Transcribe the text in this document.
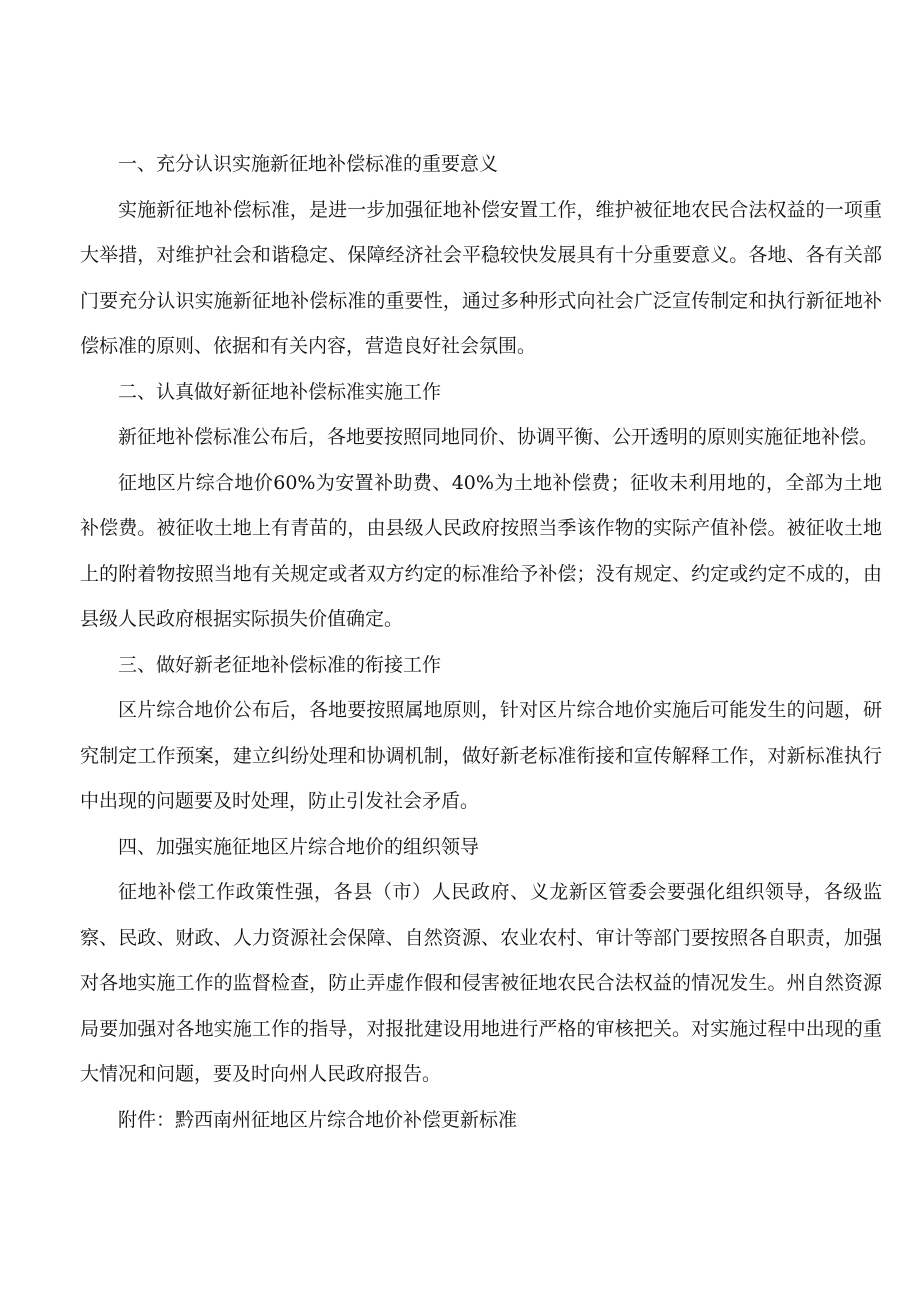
一、充分认识实施新征地补偿标准的重要意义

实施新征地补偿标准，是进一步加强征地补偿安置工作，维护被征地农民合法权益的一项重大举措，对维护社会和谐稳定、保障经济社会平稳较快发展具有十分重要意义。各地、各有关部门要充分认识实施新征地补偿标准的重要性，通过多种形式向社会广泛宣传制定和执行新征地补偿标准的原则、依据和有关内容，营造良好社会氛围。

二、认真做好新征地补偿标准实施工作

新征地补偿标准公布后，各地要按照同地同价、协调平衡、公开透明的原则实施征地补偿。

征地区片综合地价60%为安置补助费、40%为土地补偿费；征收未利用地的，全部为土地补偿费。被征收土地上有青苗的，由县级人民政府按照当季该作物的实际产值补偿。被征收土地上的附着物按照当地有关规定或者双方约定的标准给予补偿；没有规定、约定或约定不成的，由县级人民政府根据实际损失价值确定。

三、做好新老征地补偿标准的衔接工作

区片综合地价公布后，各地要按照属地原则，针对区片综合地价实施后可能发生的问题，研究制定工作预案，建立纠纷处理和协调机制，做好新老标准衔接和宣传解释工作，对新标准执行中出现的问题要及时处理，防止引发社会矛盾。

四、加强实施征地区片综合地价的组织领导

征地补偿工作政策性强，各县（市）人民政府、义龙新区管委会要强化组织领导，各级监察、民政、财政、人力资源社会保障、自然资源、农业农村、审计等部门要按照各自职责，加强对各地实施工作的监督检查，防止弄虚作假和侵害被征地农民合法权益的情况发生。州自然资源局要加强对各地实施工作的指导，对报批建设用地进行严格的审核把关。对实施过程中出现的重大情况和问题，要及时向州人民政府报告。

附件：黔西南州征地区片综合地价补偿更新标准
